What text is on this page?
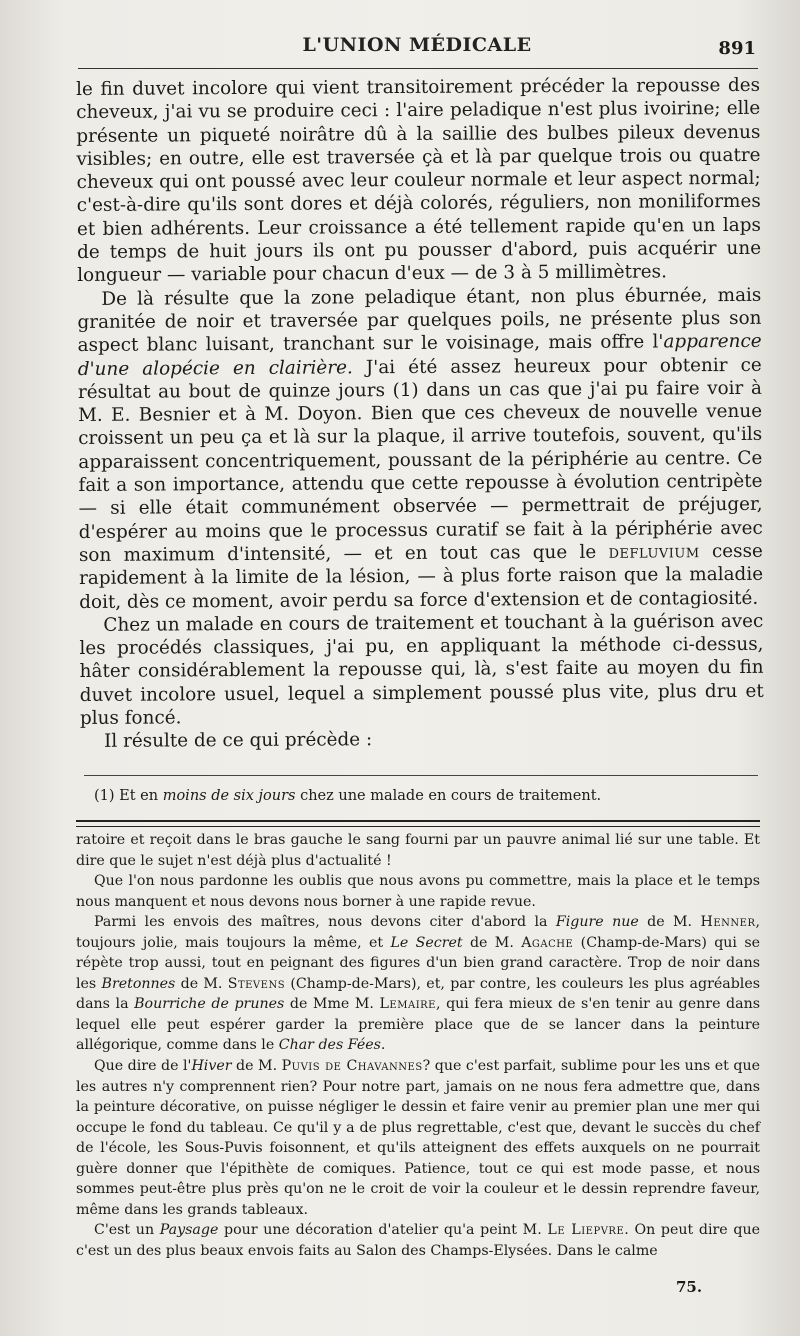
L'UNION MÉDICALE	891

le fin duvet incolore qui vient transitoirement précéder la repousse des cheveux, j'ai vu se produire ceci : l'aire peladique n'est plus ivoirine; elle présente un piqueté noirâtre dû à la saillie des bulbes pileux devenus visibles; en outre, elle est traversée çà et là par quelque trois ou quatre cheveux qui ont poussé avec leur couleur normale et leur aspect normal; c'est-à-dire qu'ils sont dores et déjà colorés, réguliers, non moniliformes et bien adhérents. Leur croissance a été tellement rapide qu'en un laps de temps de huit jours ils ont pu pousser d'abord, puis acquérir une longueur — variable pour chacun d'eux — de 3 à 5 millimètres.

De là résulte que la zone peladique étant, non plus éburnée, mais granitée de noir et traversée par quelques poils, ne présente plus son aspect blanc luisant, tranchant sur le voisinage, mais offre l'apparence d'une alopécie en clairière. J'ai été assez heureux pour obtenir ce résultat au bout de quinze jours (1) dans un cas que j'ai pu faire voir à M. E. Besnier et à M. Doyon. Bien que ces cheveux de nouvelle venue croissent un peu ça et là sur la plaque, il arrive toutefois, souvent, qu'ils apparaissent concentriquement, poussant de la périphérie au centre. Ce fait a son importance, attendu que cette repousse à évolution centripète — si elle était communément observée — permettrait de préjuger, d'espérer au moins que le processus curatif se fait à la périphérie avec son maximum d'intensité, — et en tout cas que le defluvium cesse rapidement à la limite de la lésion, — à plus forte raison que la maladie doit, dès ce moment, avoir perdu sa force d'extension et de contagiosité.

Chez un malade en cours de traitement et touchant à la guérison avec les procédés classiques, j'ai pu, en appliquant la méthode ci-dessus, hâter considérablement la repousse qui, là, s'est faite au moyen du fin duvet incolore usuel, lequel a simplement poussé plus vite, plus dru et plus foncé.

Il résulte de ce qui précède :

(1) Et en moins de six jours chez une malade en cours de traitement.

ratoire et reçoit dans le bras gauche le sang fourni par un pauvre animal lié sur une table. Et dire que le sujet n'est déjà plus d'actualité !

Que l'on nous pardonne les oublis que nous avons pu commettre, mais la place et le temps nous manquent et nous devons nous borner à une rapide revue.

Parmi les envois des maîtres, nous devons citer d'abord la Figure nue de M. Henner, toujours jolie, mais toujours la même, et Le Secret de M. Agache (Champ-de-Mars) qui se répète trop aussi, tout en peignant des figures d'un bien grand caractère. Trop de noir dans les Bretonnes de M. Stevens (Champ-de-Mars), et, par contre, les couleurs les plus agréables dans la Bourriche de prunes de Mme M. Lemaire, qui fera mieux de s'en tenir au genre dans lequel elle peut espérer garder la première place que de se lancer dans la peinture allégorique, comme dans le Char des Fées.

Que dire de l'Hiver de M. Puvis de Chavannes? que c'est parfait, sublime pour les uns et que les autres n'y comprennent rien? Pour notre part, jamais on ne nous fera admettre que, dans la peinture décorative, on puisse négliger le dessin et faire venir au premier plan une mer qui occupe le fond du tableau. Ce qu'il y a de plus regrettable, c'est que, devant le succès du chef de l'école, les Sous-Puvis foisonnent, et qu'ils atteignent des effets auxquels on ne pourrait guère donner que l'épithète de comiques. Patience, tout ce qui est mode passe, et nous sommes peut-être plus près qu'on ne le croit de voir la couleur et le dessin reprendre faveur, même dans les grands tableaux.

C'est un Paysage pour une décoration d'atelier qu'a peint M. Le Liepvre. On peut dire que c'est un des plus beaux envois faits au Salon des Champs-Elysées. Dans le calme

75.
